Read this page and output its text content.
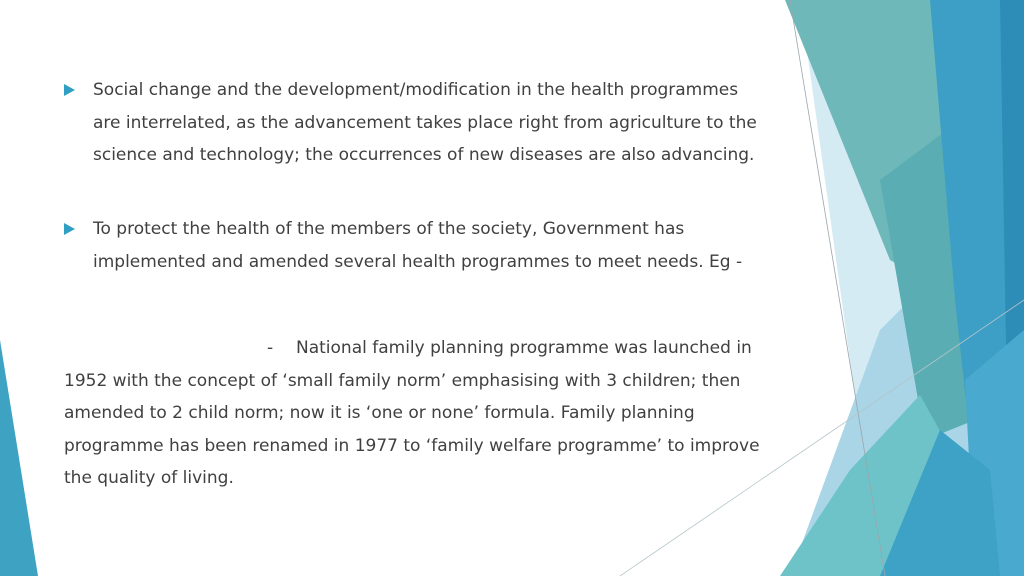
Social change and the development/modification in the health programmes are interrelated, as the advancement takes place right from agriculture to the science and technology; the occurrences of new diseases are also advancing.
To protect the health of the members of the society, Government has implemented and amended several health programmes to meet needs. Eg -
- National family planning programme was launched in 1952 with the concept of ‘small family norm’ emphasising with 3 children; then amended to 2 child norm; now it is ‘one or none’ formula. Family planning programme has been renamed in 1977 to ‘family welfare programme’ to improve the quality of living.
